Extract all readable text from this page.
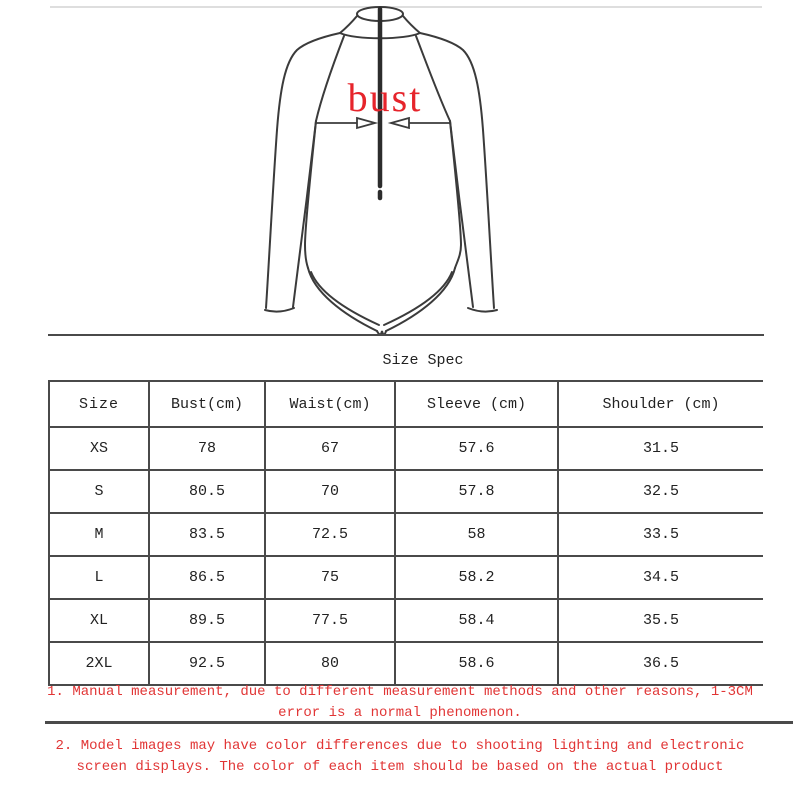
bust
Size Spec
Size	Bust(cm)	Waist(cm)	Sleeve (cm)	Shoulder (cm)
XS	78	67	57.6	31.5
S	80.5	70	57.8	32.5
M	83.5	72.5	58	33.5
L	86.5	75	58.2	34.5
XL	89.5	77.5	58.4	35.5
2XL	92.5	80	58.6	36.5
1. Manual measurement, due to different measurement methods and other reasons, 1-3CM
error is a normal phenomenon.
2. Model images may have color differences due to shooting lighting and electronic
screen displays. The color of each item should be based on the actual product
